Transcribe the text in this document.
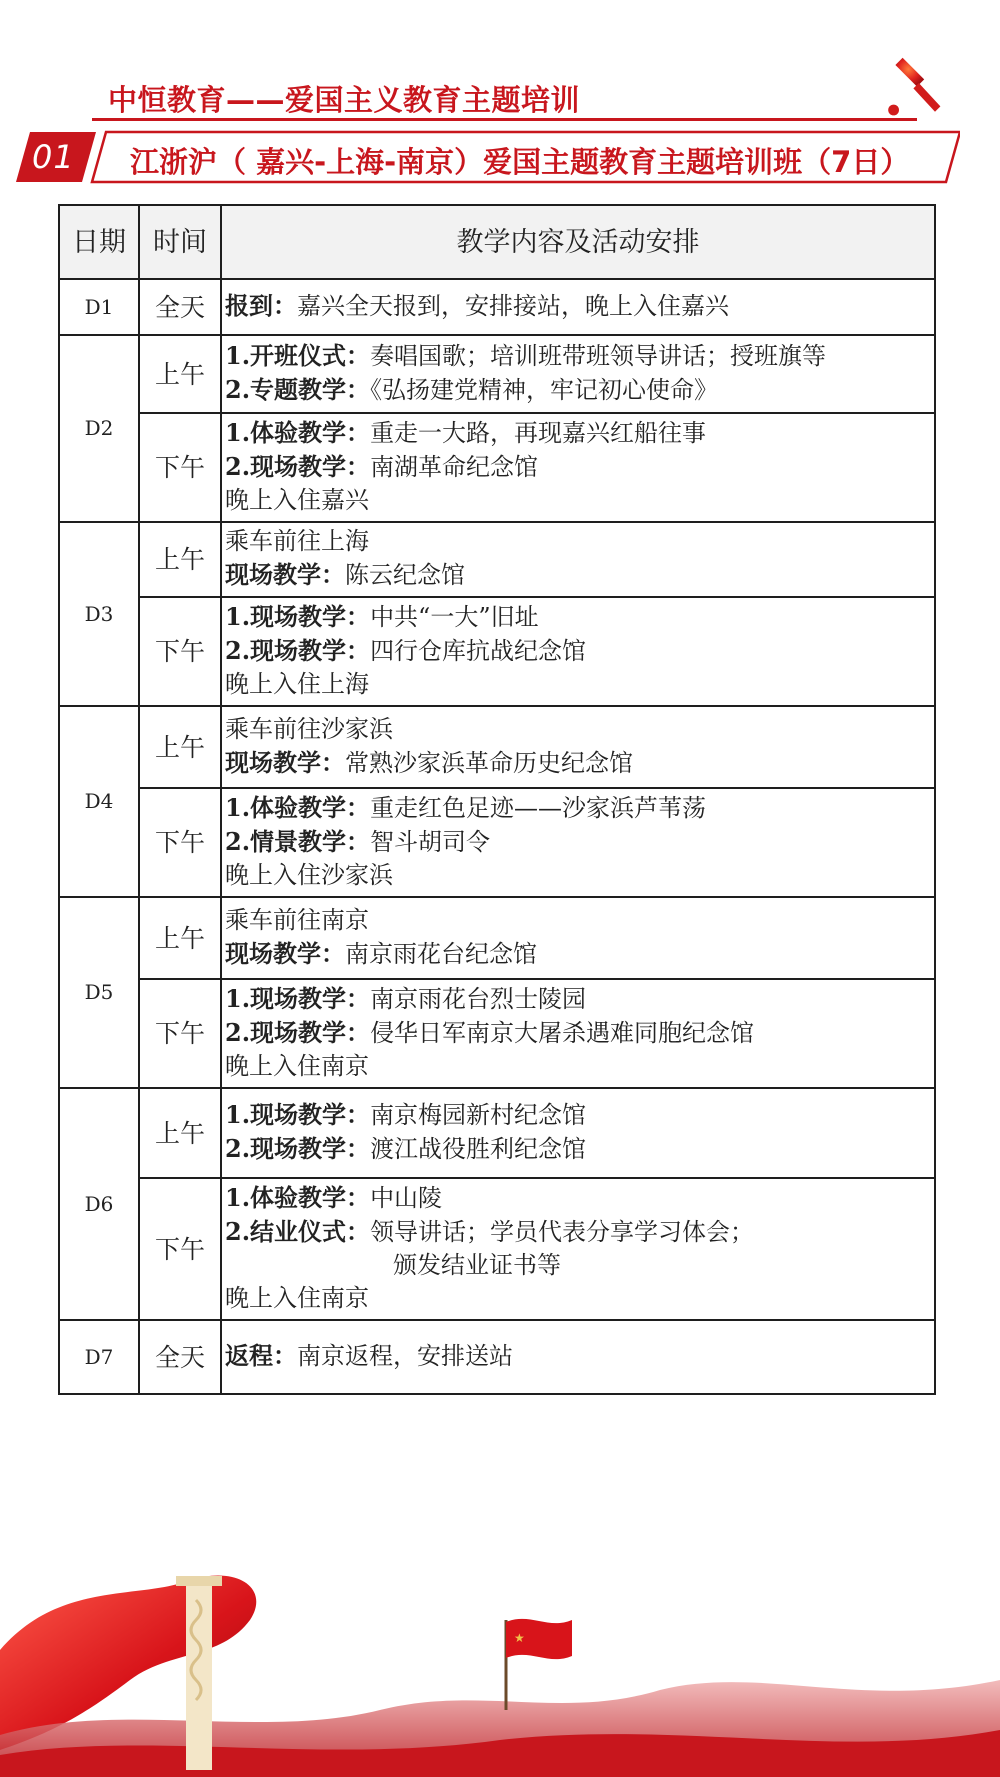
中恒教育——爱国主义教育主题培训
01	江浙沪（ 嘉兴-上海-南京）爱国主题教育主题培训班（7日）
日期	时间	教学内容及活动安排
D1	全天	报到：嘉兴全天报到，安排接站，晚上入住嘉兴

D2	上午	1.开班仪式：奏唱国歌；培训班带班领导讲话；授班旗等
2.专题教学：《弘扬建党精神，牢记初心使命》

	下午	1.体验教学：重走一大路，再现嘉兴红船往事
2.现场教学：南湖革命纪念馆
晚上入住嘉兴

D3	上午	乘车前往上海
现场教学：陈云纪念馆

	下午	1.现场教学：中共“一大”旧址
2.现场教学：四行仓库抗战纪念馆
晚上入住上海

D4	上午	乘车前往沙家浜
现场教学：常熟沙家浜革命历史纪念馆

	下午	1.体验教学：重走红色足迹——沙家浜芦苇荡
2.情景教学：智斗胡司令
晚上入住沙家浜

D5	上午	乘车前往南京
现场教学：南京雨花台纪念馆

	下午	1.现场教学：南京雨花台烈士陵园
2.现场教学：侵华日军南京大屠杀遇难同胞纪念馆
晚上入住南京

D6	上午	1.现场教学：南京梅园新村纪念馆
2.现场教学：渡江战役胜利纪念馆

	下午	1.体验教学：中山陵
2.结业仪式：领导讲话；学员代表分享学习体会；
颁发结业证书等
晚上入住南京

D7	全天	返程：南京返程，安排送站
★
